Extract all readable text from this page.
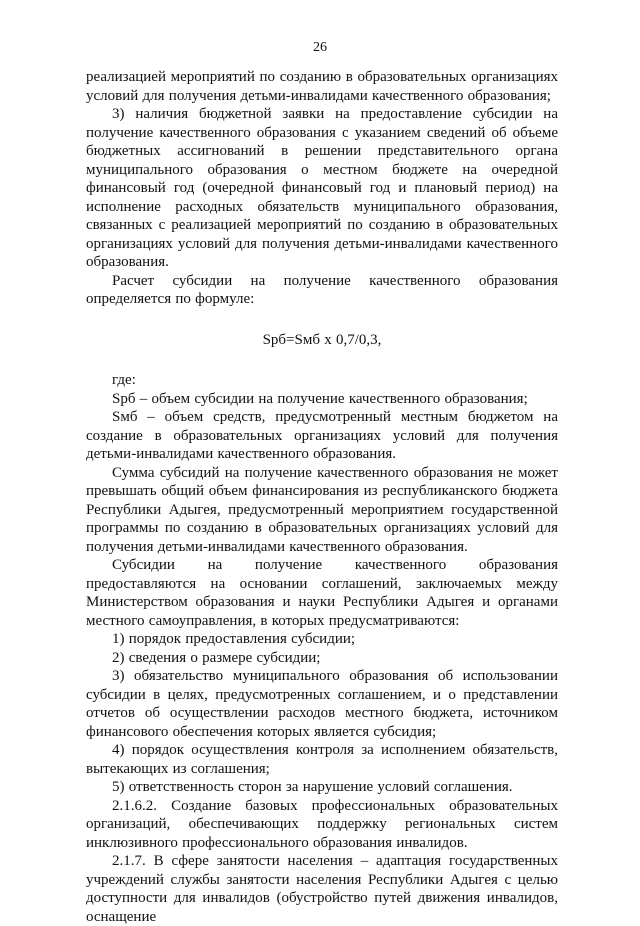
26

реализацией мероприятий по созданию в образовательных организациях условий для получения детьми-инвалидами качественного образования;

3) наличия бюджетной заявки на предоставление субсидии на получение качественного образования с указанием сведений об объеме бюджетных ассигнований в решении представительного органа муниципального образования о местном бюджете на очередной финансовый год (очередной финансовый год и плановый период) на исполнение расходных обязательств муниципального образования, связанных с реализацией мероприятий по созданию в образовательных организациях условий для получения детьми-инвалидами качественного образования.

Расчет субсидии на получение качественного образования определяется по формуле:

Sрб=Sмб x 0,7/0,3,

где:

Sрб – объем субсидии на получение качественного образования;

Sмб – объем средств, предусмотренный местным бюджетом на создание в образовательных организациях условий для получения детьми-инвалидами качественного образования.

Сумма субсидий на получение качественного образования не может превышать общий объем финансирования из республиканского бюджета Республики Адыгея, предусмотренный мероприятием государственной программы по созданию в образовательных организациях условий для получения детьми-инвалидами качественного образования.

Субсидии на получение качественного образования предоставляются на основании соглашений, заключаемых между Министерством образования и науки Республики Адыгея и органами местного самоуправления, в которых предусматриваются:

1) порядок предоставления субсидии;

2) сведения о размере субсидии;

3) обязательство муниципального образования об использовании субсидии в целях, предусмотренных соглашением, и о представлении отчетов об осуществлении расходов местного бюджета, источником финансового обеспечения которых является субсидия;

4) порядок осуществления контроля за исполнением обязательств, вытекающих из соглашения;

5) ответственность сторон за нарушение условий соглашения.

2.1.6.2. Создание базовых профессиональных образовательных организаций, обеспечивающих поддержку региональных систем инклюзивного профессионального образования инвалидов.

2.1.7. В сфере занятости населения – адаптация государственных учреждений службы занятости населения Республики Адыгея с целью доступности для инвалидов (обустройство путей движения инвалидов, оснащение
